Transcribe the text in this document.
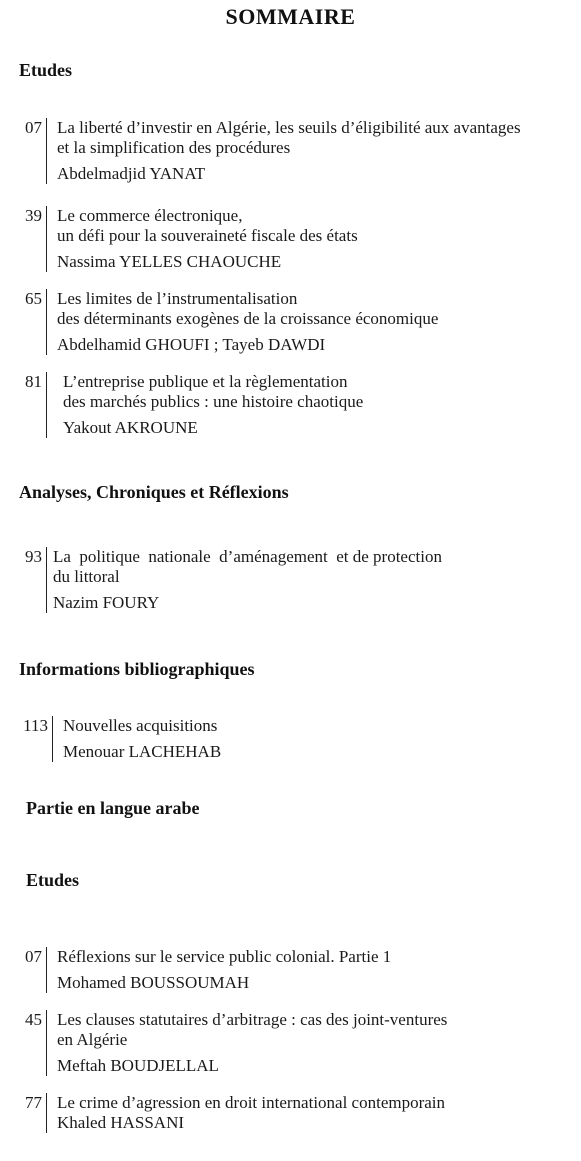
SOMMAIRE
Etudes
07 La liberté d’investir en Algérie, les seuils d’éligibilité aux avantages
et la simplification des procédures
Abdelmadjid YANAT
39 Le commerce électronique,
un défi pour la souveraineté fiscale des états
Nassima YELLES CHAOUCHE
65 Les limites de l’instrumentalisation
des déterminants exogènes de la croissance économique
Abdelhamid GHOUFI ; Tayeb DAWDI
81 L’entreprise publique et la règlementation
des marchés publics : une histoire chaotique
Yakout AKROUNE
Analyses, Chroniques et Réflexions
93 La  politique  nationale  d’aménagement  et de protection
du littoral
Nazim FOURY
Informations bibliographiques
113 Nouvelles acquisitions
Menouar LACHEHAB
Partie en langue arabe
Etudes
07 Réflexions sur le service public colonial. Partie 1
Mohamed BOUSSOUMAH
45 Les clauses statutaires d’arbitrage : cas des joint-ventures
en Algérie
Meftah BOUDJELLAL
77 Le crime d’agression en droit international contemporain
Khaled HASSANI
